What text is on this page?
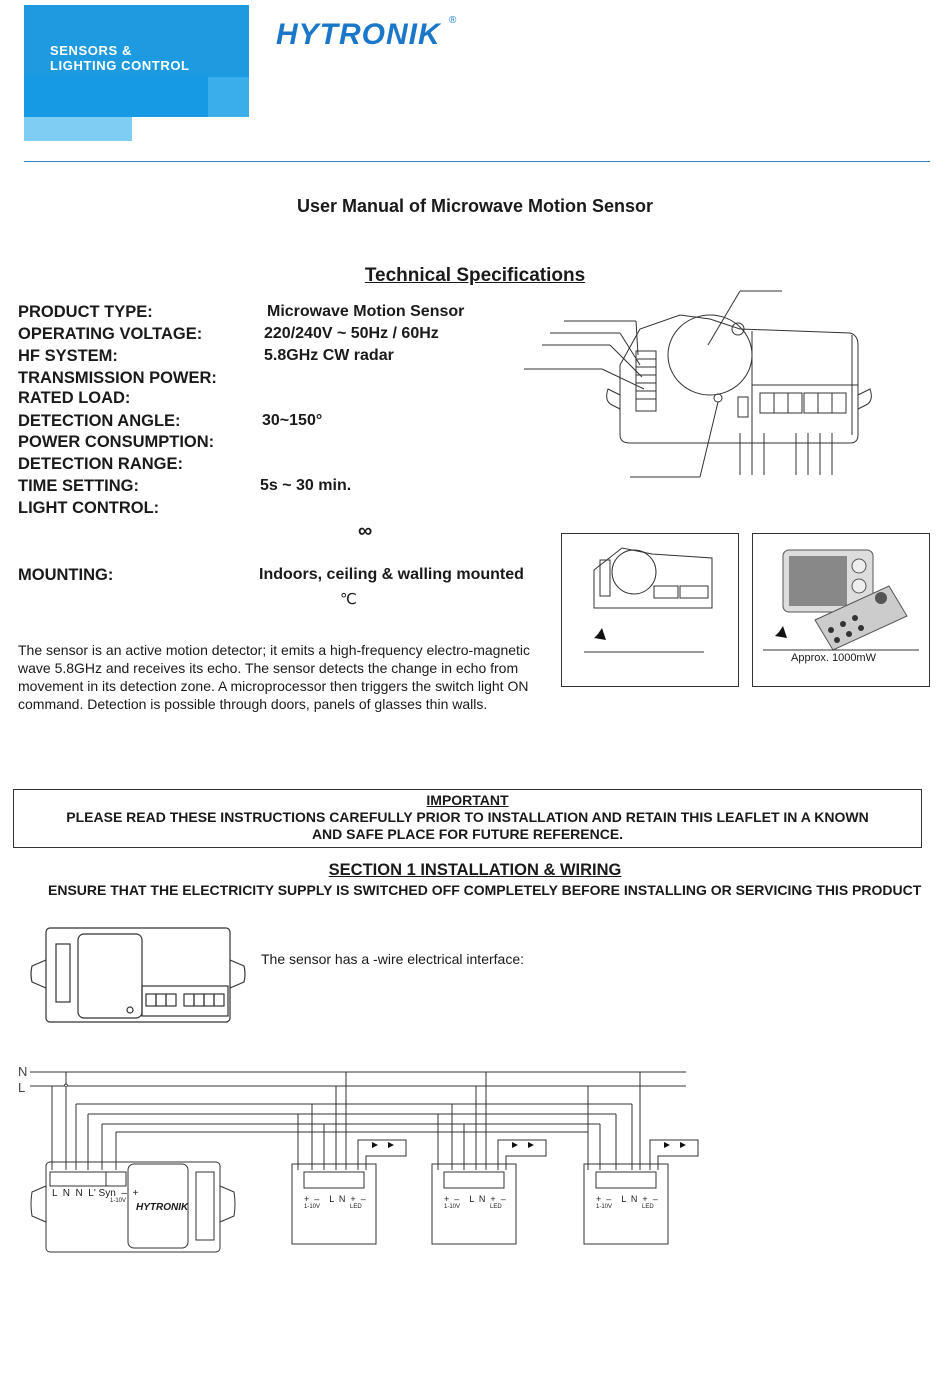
SENSORS &
LIGHTING CONTROL
HYTRONIK ®
User Manual of Microwave Motion Sensor
Technical Specifications
PRODUCT TYPE:	Microwave Motion Sensor
OPERATING VOLTAGE:	220/240V ~ 50Hz / 60Hz
HF SYSTEM:	5.8GHz CW radar
TRANSMISSION POWER:
RATED LOAD:
DETECTION ANGLE:	30~150°
POWER CONSUMPTION:
DETECTION RANGE:
TIME SETTING:	5s ~ 30 min.
LIGHT CONTROL:
∞
MOUNTING:	Indoors, ceiling & walling mounted
℃
The sensor is an active motion detector; it emits a high-frequency electro-magnetic wave 5.8GHz and receives its echo. The sensor detects the change in echo from movement in its detection zone. A microprocessor then triggers the switch light ON command. Detection is possible through doors, panels of glasses thin walls.
Approx. 1000mW
IMPORTANT
PLEASE READ THESE INSTRUCTIONS CAREFULLY PRIOR TO INSTALLATION AND RETAIN THIS LEAFLET IN A KNOWN
AND SAFE PLACE FOR FUTURE REFERENCE.
SECTION 1 INSTALLATION & WIRING
ENSURE THAT THE ELECTRICITY SUPPLY IS SWITCHED OFF COMPLETELY BEFORE INSTALLING OR SERVICING THIS PRODUCT
The sensor has a -wire electrical interface:
N
L
L  N  N  L' Syn  –  +
1-10V
HYTRONIK
+  –    L  N  +  –
1-10V	LED
+  –    L  N  +  –
1-10V	LED
+  –    L  N  +  –
1-10V	LED
